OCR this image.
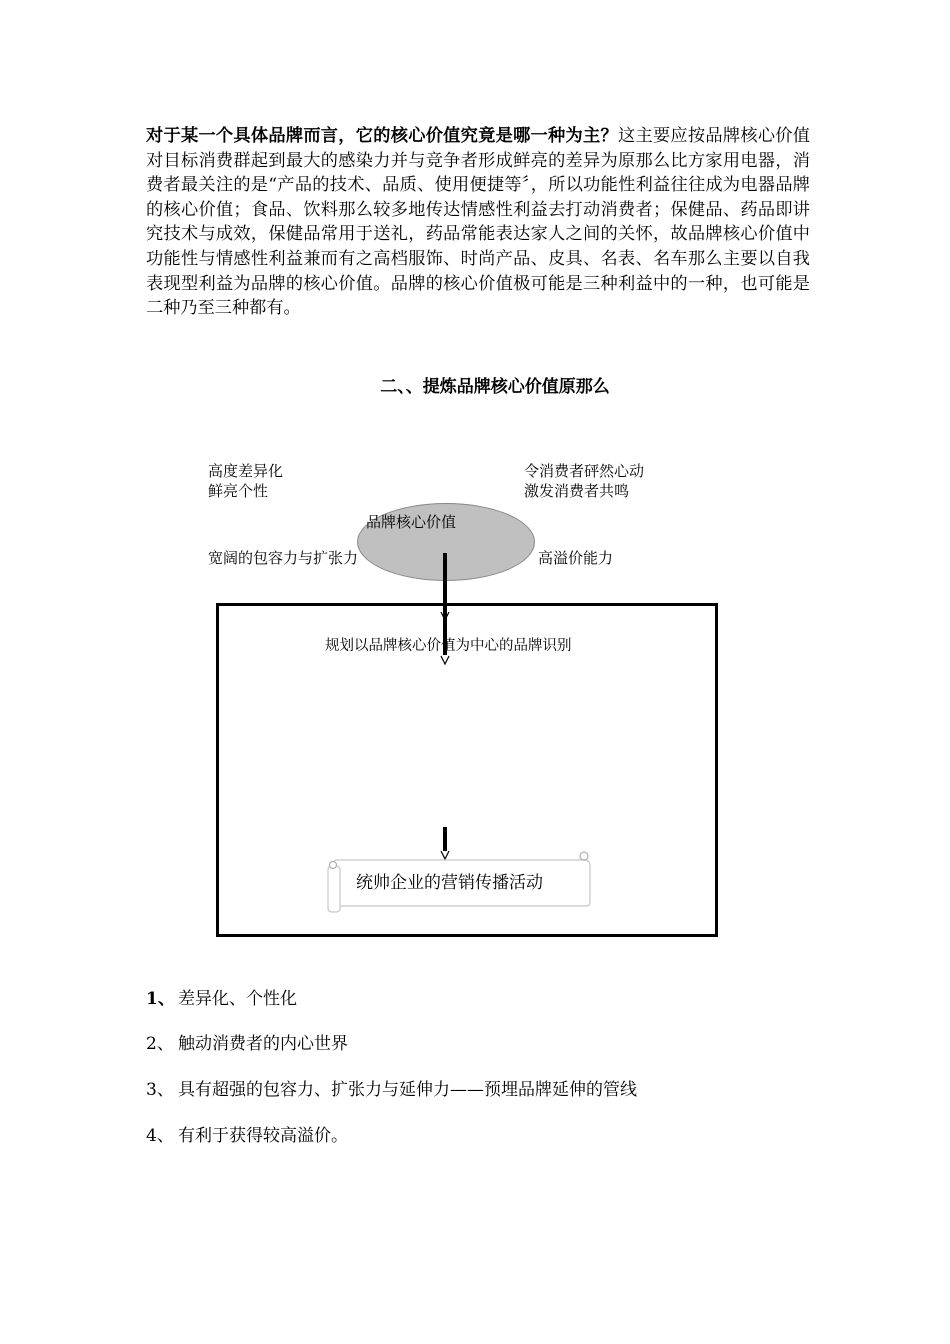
对于某一个具体品牌而言，它的核心价值究竟是哪一种为主？这主要应按品牌核心价值对目标消费群起到最大的感染力并与竞争者形成鲜亮的差异为原那么比方家用电器，消费者最关注的是“产品的技术、品质、使用便捷等〞，所以功能性利益往往成为电器品牌的核心价值；食品、饮料那么较多地传达情感性利益去打动消费者；保健品、药品即讲究技术与成效，保健品常用于送礼，药品常能表达家人之间的关怀，故品牌核心价值中功能性与情感性利益兼而有之高档服饰、时尚产品、皮具、名表、名车那么主要以自我表现型利益为品牌的核心价值。品牌的核心价值极可能是三种利益中的一种，也可能是二种乃至三种都有。

二、、提炼品牌核心价值原那么

高度差异化
鲜亮个性

令消费者砰然心动
激发消费者共鸣

宽阔的包容力与扩张力	高溢价能力

品牌核心价值

规划以品牌核心价值为中心的品牌识别

统帅企业的营销传播活动

1、 差异化、个性化

2、 触动消费者的内心世界

3、 具有超强的包容力、扩张力与延伸力——预埋品牌延伸的管线

4、 有利于获得较高溢价。
